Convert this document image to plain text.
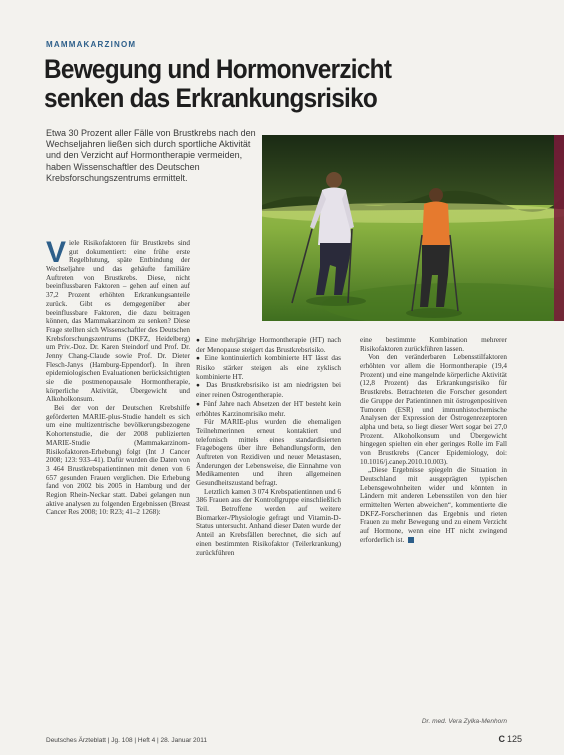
MAMMAKARZINOM
Bewegung und Hormonverzicht
senken das Erkrankungsrisiko
Etwa 30 Prozent aller Fälle von Brustkrebs nach den Wechseljahren ließen sich durch sportliche Aktivität und den Verzicht auf Hormontherapie vermeiden, haben Wissenschaftler des Deutschen Krebsforschungszentrums ermittelt.

Viele Risikofaktoren für Brustkrebs sind gut dokumentiert: eine frühe erste Regelblutung, späte Entbindung der Wechseljahre und das gehäufte familiäre Auftreten von Brustkrebs. Diese, nicht beeinflussbaren Faktoren – gehen auf einen auf 37,2 Prozent erhöhten Erkrankungsanteile zurück. Gibt es demgegenüber aber beeinflussbare Faktoren, die dazu beitragen können, das Mammakarzinom zu senken? Diese Frage stellten sich Wissenschaftler des Deutschen Krebsforschungszentrums (DKFZ, Heidelberg) um Priv.-Doz. Dr. Karen Steindorf und Prof. Dr. Jenny Chang-Claude sowie Prof. Dr. Dieter Flesch-Janys (Hamburg-Eppendorf). In ihren epidemiologischen Evaluationen berücksichtigten sie die postmenopausale Hormontherapie, körperliche Aktivität, Übergewicht und Alkoholkonsum.

Bei der von der Deutschen Krebshilfe geförderten MARIE-plus-Studie handelt es sich um eine multizentrische bevölkerungsbezogene Kohortenstudie, die der 2008 publizierten MARIE-Studie (Mammakarzinom-Risikofaktoren-Erhebung) folgt (Int J Cancer 2008; 123: 933–41). Dafür wurden die Daten von 3 464 Brustkrebspatientinnen mit denen von 6 657 gesunden Frauen verglichen. Die Erhebung fand von 2002 bis 2005 in Hamburg und der Region Rhein-Neckar statt. Dabei gelangen nun aktive analysen zu folgenden Ergebnissen (Breast Cancer Res 2008; 10: R23; 41–2 1268):

● Eine mehrjährige Hormontherapie (HT) nach der Menopause steigert das Brustkrebsrisiko.

● Eine kontinuierlich kombinierte HT lässt das Risiko stärker steigen als eine zyklisch kombinierte HT.

● Das Brustkrebsrisiko ist am niedrigsten bei einer reinen Östrogentherapie.

● Fünf Jahre nach Absetzen der HT besteht kein erhöhtes Karzinomrisiko mehr.

Für MARIE-plus wurden die ehemaligen Teilnehmerinnen erneut kontaktiert und telefonisch mittels eines standardisierten Fragebogens über ihre Behandlungsform, den Auftreten von Rezidiven und neuer Metastasen, Änderungen der Lebensweise, die Einnahme von Medikamenten und ihren allgemeinen Gesundheitszustand befragt.

Letztlich kamen 3 074 Krebspatientinnen und 6 386 Frauen aus der Kontrollgruppe einschließlich Teil. Betroffene werden auf weitere Biomarker-/Physiologie gefragt und Vitamin-D-Status untersucht. Anhand dieser Daten wurde der Anteil an Krebsfällen berechnet, die sich auf einen bestimmten Risikofaktor (Teilerkrankung) zurückführen

eine bestimmte Kombination mehrerer Risikofaktoren zurückführen lassen.

Von den veränderbaren Lebensstilfaktoren erhöhten vor allem die Hormontherapie (19,4 Prozent) und eine mangelnde körperliche Aktivität (12,8 Prozent) das Erkrankungsrisiko für Brustkrebs. Betrachteten die Forscher gesondert die Gruppe der Patientinnen mit östrogenpositiven Tumoren (ESR) und immunhistochemische Analysen der Expression der Östrogenrezeptoren alpha und beta, so liegt dieser Wert sogar bei 27,0 Prozent. Alkoholkonsum und Übergewicht hingegen spielten ein eher geringes Rolle im Fall von Brustkrebs (Cancer Epidemiology, doi: 10.1016/j.canep.2010.10.003).

„Diese Ergebnisse spiegeln die Situation in Deutschland mit ausgeprägten typischen Lebensgewohnheiten wider und könnten in Ländern mit anderen Lebensstilen von den hier ermittelten Werten abweichen“, kommentierte die DKFZ-Forscherinnen das Ergebnis und rieten Frauen zu mehr Bewegung und zu einem Verzicht auf Hormone, wenn eine HT nicht zwingend erforderlich ist.

Dr. med. Vera Zylka-Menhorn
Deutsches Ärzteblatt | Jg. 108 | Heft 4 | 28. Januar 2011	C 125
